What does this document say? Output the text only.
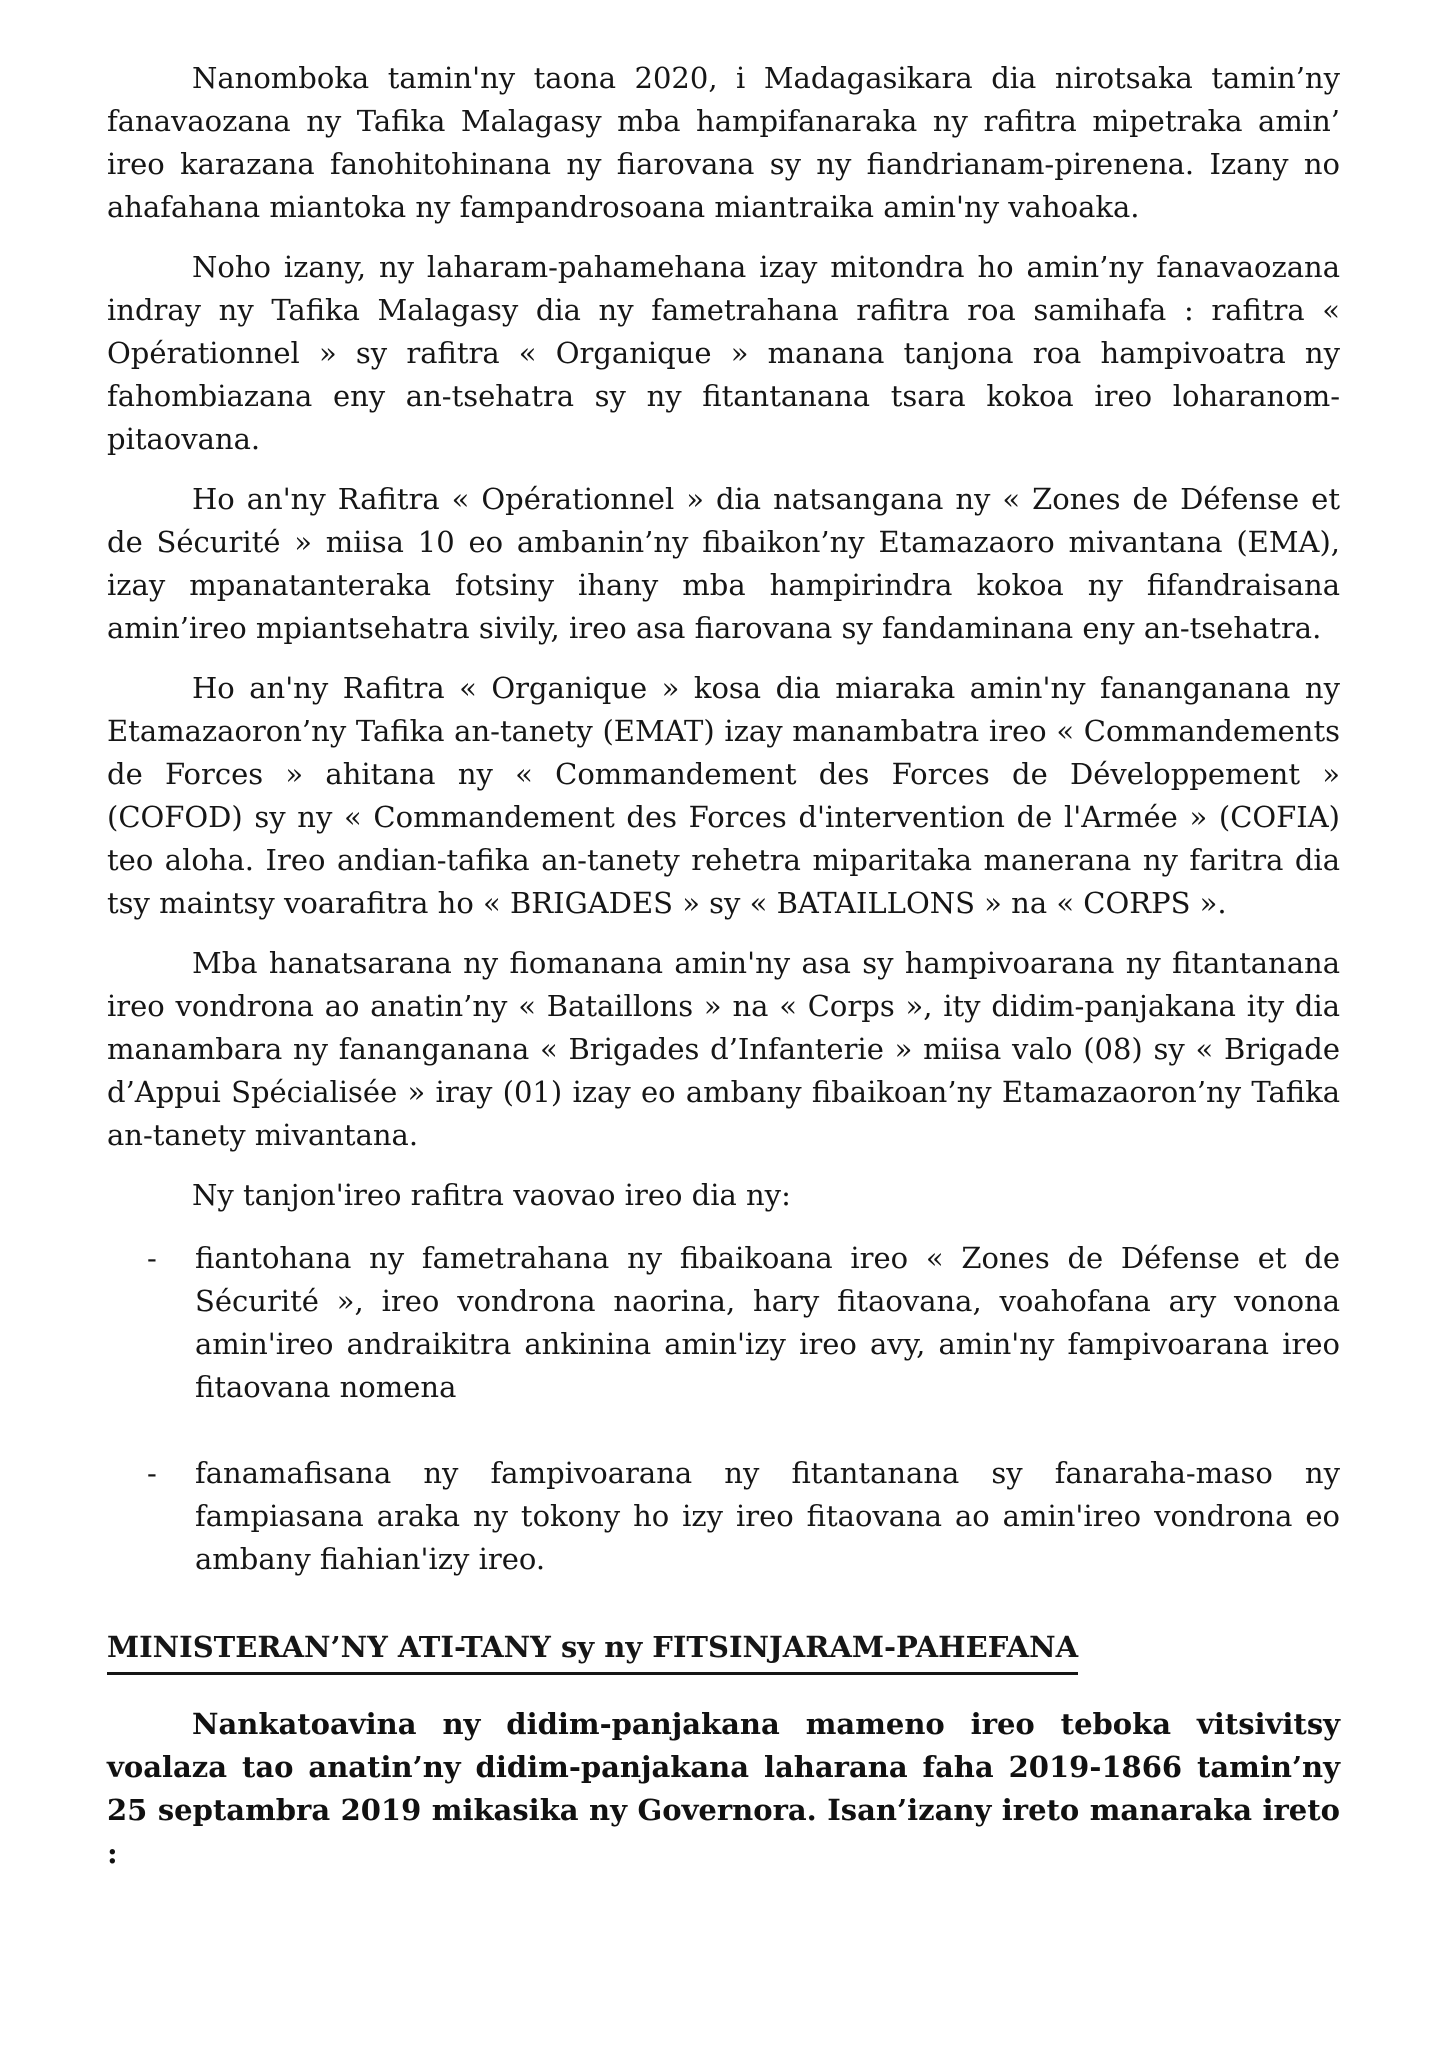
Nanomboka tamin'ny taona 2020, i Madagasikara dia nirotsaka tamin’ny fanavaozana ny Tafika Malagasy mba hampifanaraka ny rafitra mipetraka amin’ ireo karazana fanohitohinana ny fiarovana sy ny fiandrianam-pirenena. Izany no ahafahana miantoka ny fampandrosoana miantraika amin'ny vahoaka.

Noho izany, ny laharam-pahamehana izay mitondra ho amin’ny fanavaozana indray ny Tafika Malagasy dia ny fametrahana rafitra roa samihafa : rafitra « Opérationnel » sy rafitra « Organique » manana tanjona roa hampivoatra ny fahombiazana eny an-tsehatra sy ny fitantanana tsara kokoa ireo loharanom-pitaovana.

Ho an'ny Rafitra « Opérationnel » dia natsangana ny « Zones de Défense et de Sécurité » miisa 10 eo ambanin’ny fibaikon’ny Etamazaoro mivantana (EMA), izay mpanatanteraka fotsiny ihany mba hampirindra kokoa ny fifandraisana amin’ireo mpiantsehatra sivily, ireo asa fiarovana sy fandaminana eny an-tsehatra.

Ho an'ny Rafitra « Organique » kosa dia miaraka amin'ny fananganana ny Etamazaoron’ny Tafika an-tanety (EMAT) izay manambatra ireo « Commandements de Forces » ahitana ny « Commandement des Forces de Développement » (COFOD) sy ny « Commandement des Forces d'intervention de l'Armée » (COFIA) teo aloha. Ireo andian-tafika an-tanety rehetra miparitaka manerana ny faritra dia tsy maintsy voarafitra ho « BRIGADES » sy « BATAILLONS » na « CORPS ».

Mba hanatsarana ny fiomanana amin'ny asa sy hampivoarana ny fitantanana ireo vondrona ao anatin’ny « Bataillons » na « Corps », ity didim-panjakana ity dia manambara ny fananganana « Brigades d’Infanterie » miisa valo (08) sy « Brigade d’Appui Spécialisée » iray (01) izay eo ambany fibaikoan’ny Etamazaoron’ny Tafika an-tanety mivantana.

Ny tanjon'ireo rafitra vaovao ireo dia ny:

- fiantohana ny fametrahana ny fibaikoana ireo « Zones de Défense et de Sécurité », ireo vondrona naorina, hary fitaovana, voahofana ary vonona amin'ireo andraikitra ankinina amin'izy ireo avy, amin'ny fampivoarana ireo fitaovana nomena
- fanamafisana ny fampivoarana ny fitantanana sy fanaraha-maso ny fampiasana araka ny tokony ho izy ireo fitaovana ao amin'ireo vondrona eo ambany fiahian'izy ireo.
MINISTERAN’NY ATI-TANY sy ny FITSINJARAM-PAHEFANA

Nankatoavina ny didim-panjakana mameno ireo teboka vitsivitsy voalaza tao anatin’ny didim-panjakana laharana faha 2019-1866 tamin’ny 25 septambra 2019 mikasika ny Governora. Isan’izany ireto manaraka ireto :
